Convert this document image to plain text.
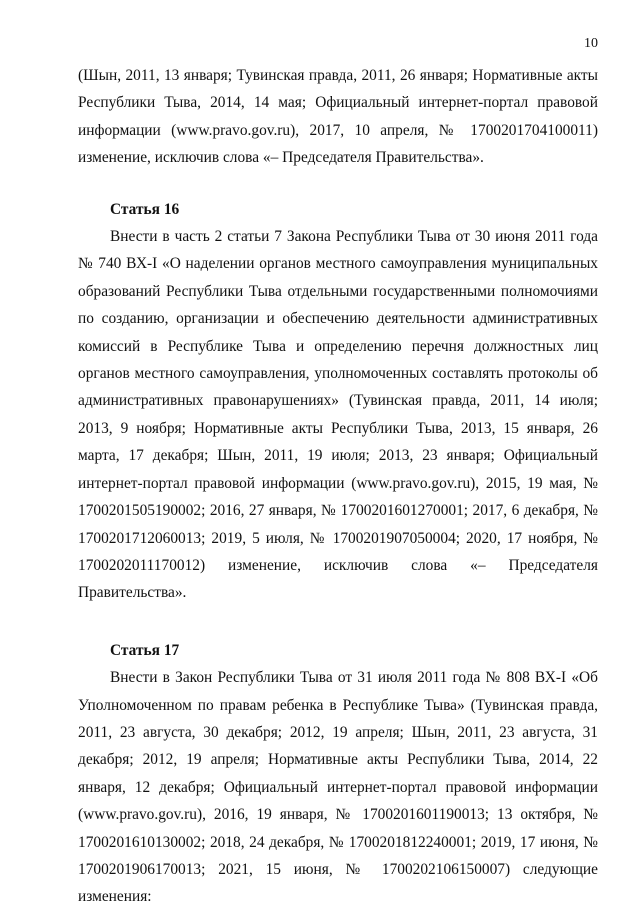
10

(Шын, 2011, 13 января; Тувинская правда, 2011, 26 января; Нормативные акты Республики Тыва, 2014, 14 мая; Официальный интернет-портал правовой информации (www.pravo.gov.ru), 2017, 10 апреля, № 1700201704100011) изменение, исключив слова «– Председателя Правительства».

Статья 16

Внести в часть 2 статьи 7 Закона Республики Тыва от 30 июня 2011 года № 740 ВХ-I «О наделении органов местного самоуправления муниципальных образований Республики Тыва отдельными государственными полномочиями по созданию, организации и обеспечению деятельности административных комиссий в Республике Тыва и определению перечня должностных лиц органов местного самоуправления, уполномоченных составлять протоколы об административных правонарушениях» (Тувинская правда, 2011, 14 июля; 2013, 9 ноября; Нормативные акты Республики Тыва, 2013, 15 января, 26 марта, 17 декабря; Шын, 2011, 19 июля; 2013, 23 января; Официальный интернет-портал правовой информации (www.pravo.gov.ru), 2015, 19 мая, № 1700201505190002; 2016, 27 января, № 1700201601270001; 2017, 6 декабря, № 1700201712060013; 2019, 5 июля, № 1700201907050004; 2020, 17 ноября, № 1700202011170012) изменение, исключив слова «– Председателя Правительства».

Статья 17

Внести в Закон Республики Тыва от 31 июля 2011 года № 808 ВХ-I «Об Уполномоченном по правам ребенка в Республике Тыва» (Тувинская правда, 2011, 23 августа, 30 декабря; 2012, 19 апреля; Шын, 2011, 23 августа, 31 декабря; 2012, 19 апреля; Нормативные акты Республики Тыва, 2014, 22 января, 12 декабря; Официальный интернет-портал правовой информации (www.pravo.gov.ru), 2016, 19 января, № 1700201601190013; 13 октября, № 1700201610130002; 2018, 24 декабря, № 1700201812240001; 2019, 17 июня, № 1700201906170013; 2021, 15 июня, № 1700202106150007) следующие изменения:
